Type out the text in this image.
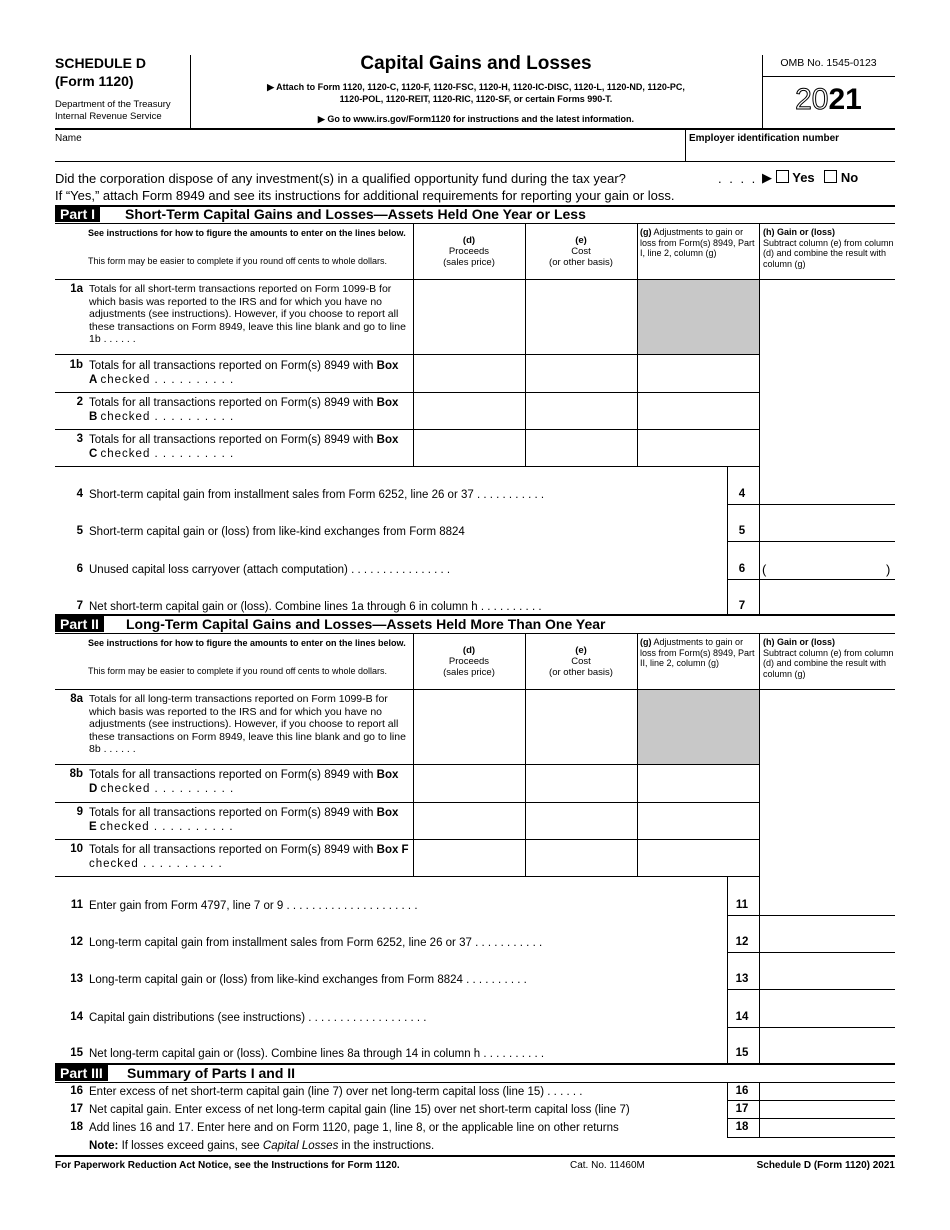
SCHEDULE D
(Form 1120)
Department of the Treasury
Internal Revenue Service
Capital Gains and Losses
▶ Attach to Form 1120, 1120-C, 1120-F, 1120-FSC, 1120-H, 1120-IC-DISC, 1120-L, 1120-ND, 1120-PC,
1120-POL, 1120-REIT, 1120-RIC, 1120-SF, or certain Forms 990-T.
▶ Go to www.irs.gov/Form1120 for instructions and the latest information.
OMB No. 1545-0123
2021
Name	Employer identification number
Did the corporation dispose of any investment(s) in a qualified opportunity fund during the tax year?	. . . . ▶ Yes No
If “Yes,” attach Form 8949 and see its instructions for additional requirements for reporting your gain or loss.
Part I	Short-Term Capital Gains and Losses—Assets Held One Year or Less
See instructions for how to figure the amounts to enter on the lines below.
This form may be easier to complete if you round off cents to whole dollars.
(d)
Proceeds
(sales price)
(e)
Cost
(or other basis)
(g) Adjustments to gain or loss from Form(s) 8949, Part I, line 2, column (g)
(h) Gain or (loss)
Subtract column (e) from column (d) and combine the result with column (g)
1a Totals for all short-term transactions reported on Form 1099-B for which basis was reported to the IRS and for which you have no adjustments (see instructions). However, if you choose to report all these transactions on Form 8949, leave this line blank and go to line 1b . . . . . .
1b Totals for all transactions reported on Form(s) 8949 with Box A checked . . . . . . . . . .
2 Totals for all transactions reported on Form(s) 8949 with Box B checked . . . . . . . . . .
3 Totals for all transactions reported on Form(s) 8949 with Box C checked . . . . . . . . . .
4 Short-term capital gain from installment sales from Form 6252, line 26 or 37 . . . . . . . . . . .	4
5 Short-term capital gain or (loss) from like-kind exchanges from Form 8824	5
6 Unused capital loss carryover (attach computation) . . . . . . . . . . . . . . . .	6	(	)
7 Net short-term capital gain or (loss). Combine lines 1a through 6 in column h . . . . . . . . . .	7
Part II	Long-Term Capital Gains and Losses—Assets Held More Than One Year
See instructions for how to figure the amounts to enter on the lines below.
This form may be easier to complete if you round off cents to whole dollars.
(d)
Proceeds
(sales price)
(e)
Cost
(or other basis)
(g) Adjustments to gain or loss from Form(s) 8949, Part II, line 2, column (g)
(h) Gain or (loss)
Subtract column (e) from column (d) and combine the result with column (g)
8a Totals for all long-term transactions reported on Form 1099-B for which basis was reported to the IRS and for which you have no adjustments (see instructions). However, if you choose to report all these transactions on Form 8949, leave this line blank and go to line 8b . . . . . .
8b Totals for all transactions reported on Form(s) 8949 with Box D checked . . . . . . . . . .
9 Totals for all transactions reported on Form(s) 8949 with Box E checked . . . . . . . . . .
10 Totals for all transactions reported on Form(s) 8949 with Box F checked . . . . . . . . . .
11 Enter gain from Form 4797, line 7 or 9 . . . . . . . . . . . . . . . . . . . . .	11
12 Long-term capital gain from installment sales from Form 6252, line 26 or 37 . . . . . . . . . . .	12
13 Long-term capital gain or (loss) from like-kind exchanges from Form 8824 . . . . . . . . . .	13
14 Capital gain distributions (see instructions) . . . . . . . . . . . . . . . . . . .	14
15 Net long-term capital gain or (loss). Combine lines 8a through 14 in column h . . . . . . . . . .	15
Part III	Summary of Parts I and II
16 Enter excess of net short-term capital gain (line 7) over net long-term capital loss (line 15) . . . . . .	16
17 Net capital gain. Enter excess of net long-term capital gain (line 15) over net short-term capital loss (line 7)	17
18 Add lines 16 and 17. Enter here and on Form 1120, page 1, line 8, or the applicable line on other returns	18
Note: If losses exceed gains, see Capital Losses in the instructions.
For Paperwork Reduction Act Notice, see the Instructions for Form 1120.	Cat. No. 11460M	Schedule D (Form 1120) 2021
